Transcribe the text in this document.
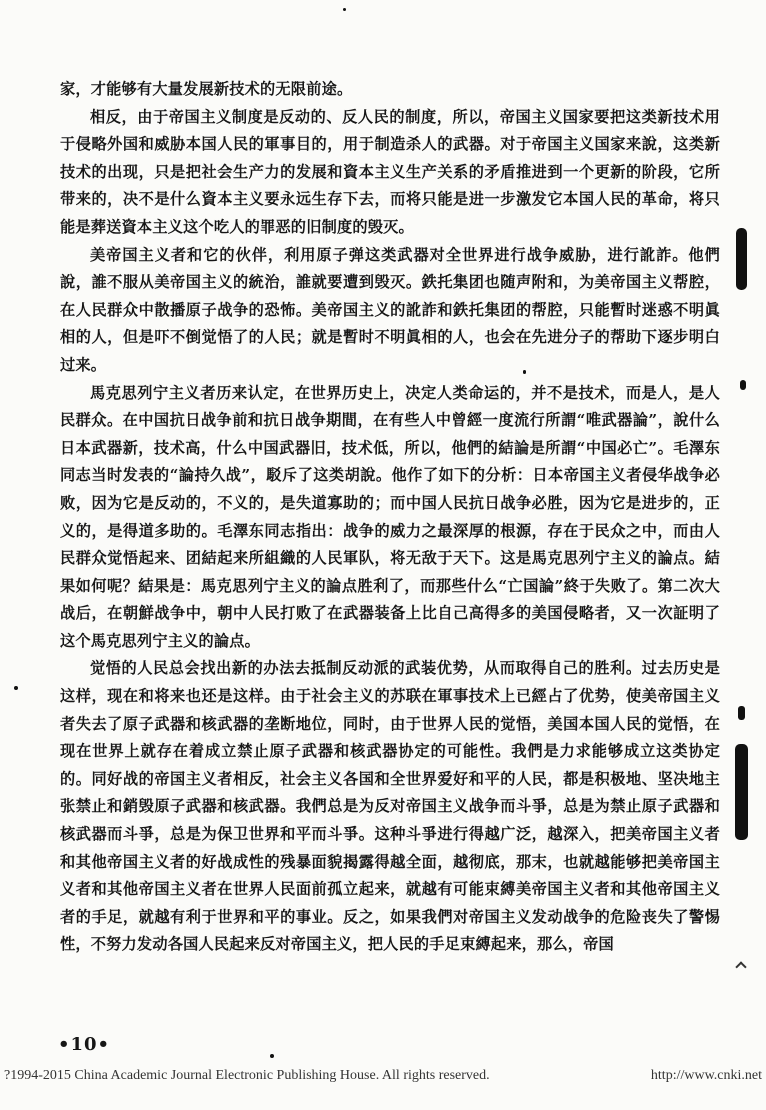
家，才能够有大量发展新技术的无限前途。

相反，由于帝国主义制度是反动的、反人民的制度，所以，帝国主义国家要把这类新技术用于侵略外国和威胁本国人民的軍事目的，用于制造杀人的武器。对于帝国主义国家来說，这类新技术的出现，只是把社会生产力的发展和資本主义生产关系的矛盾推进到一个更新的阶段，它所带来的，决不是什么資本主义要永远生存下去，而将只能是进一步激发它本国人民的革命，将只能是葬送資本主义这个吃人的罪恶的旧制度的毁灭。

美帝国主义者和它的伙伴，利用原子弹这类武器对全世界进行战争威胁，进行訛詐。他們說，誰不服从美帝国主义的統治，誰就要遭到毁灭。鉄托集团也随声附和，为美帝国主义帮腔，在人民群众中散播原子战争的恐怖。美帝国主义的訛詐和鉄托集团的帮腔，只能暫时迷惑不明眞相的人，但是吓不倒觉悟了的人民；就是暫时不明眞相的人，也会在先进分子的帮助下逐步明白过来。

馬克思列宁主义者历来认定，在世界历史上，决定人类命运的，并不是技术，而是人，是人民群众。在中国抗日战争前和抗日战争期間，在有些人中曾經一度流行所謂“唯武器論”，說什么日本武器新，技术高，什么中国武器旧，技术低，所以，他們的結論是所謂“中国必亡”。毛澤东同志当时发表的“論持久战”，駁斥了这类胡說。他作了如下的分析：日本帝国主义者侵华战争必败，因为它是反动的，不义的，是失道寡助的；而中国人民抗日战争必胜，因为它是进步的，正义的，是得道多助的。毛澤东同志指出：战争的威力之最深厚的根源，存在于民众之中，而由人民群众觉悟起来、团結起来所組織的人民軍队，将无敌于天下。这是馬克思列宁主义的論点。結果如何呢？結果是：馬克思列宁主义的論点胜利了，而那些什么“亡国論”終于失败了。第二次大战后，在朝鮮战争中，朝中人民打败了在武器装备上比自己高得多的美国侵略者，又一次証明了这个馬克思列宁主义的論点。

觉悟的人民总会找出新的办法去抵制反动派的武装优势，从而取得自己的胜利。过去历史是这样，现在和将来也还是这样。由于社会主义的苏联在軍事技术上已經占了优势，使美帝国主义者失去了原子武器和核武器的垄断地位，同时，由于世界人民的觉悟，美国本国人民的觉悟，在现在世界上就存在着成立禁止原子武器和核武器协定的可能性。我們是力求能够成立这类协定的。同好战的帝国主义者相反，社会主义各国和全世界爱好和平的人民，都是积极地、坚决地主张禁止和銷毁原子武器和核武器。我們总是为反对帝国主义战争而斗爭，总是为禁止原子武器和核武器而斗爭，总是为保卫世界和平而斗爭。这种斗爭进行得越广泛，越深入，把美帝国主义者和其他帝国主义者的好战成性的残暴面貌揭露得越全面，越彻底，那末，也就越能够把美帝国主义者和其他帝国主义者在世界人民面前孤立起来，就越有可能束縛美帝国主义者和其他帝国主义者的手足，就越有利于世界和平的事业。反之，如果我們对帝国主义发动战争的危险丧失了警惕性，不努力发动各国人民起来反对帝国主义，把人民的手足束縛起来，那么，帝国

•10•
?1994-2015 China Academic Journal Electronic Publishing House. All rights reserved.	http://www.cnki.net
